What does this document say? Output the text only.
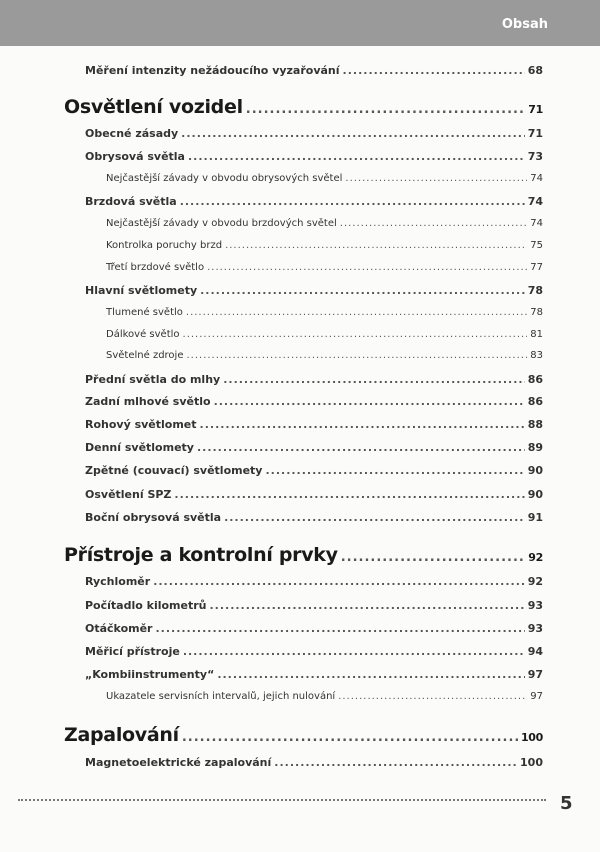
Obsah
Měření intenzity nežádoucího vyzařování .....	68
Osvětlení vozidel .....	71
Obecné zásady .....	71
Obrysová světla .....	73
Nejčastější závady v obvodu obrysových světel .....	74
Brzdová světla .....	74
Nejčastější závady v obvodu brzdových světel .....	74
Kontrolka poruchy brzd .....	75
Třetí brzdové světlo .....	77
Hlavní světlomety .....	78
Tlumené světlo .....	78
Dálkové světlo .....	81
Světelné zdroje .....	83
Přední světla do mlhy .....	86
Zadní mlhové světlo .....	86
Rohový světlomet .....	88
Denní světlomety .....	89
Zpětné (couvací) světlomety .....	90
Osvětlení SPZ .....	90
Boční obrysová světla .....	91
Přístroje a kontrolní prvky .....	92
Rychloměr .....	92
Počítadlo kilometrů .....	93
Otáčkoměr .....	93
Měřicí přístroje .....	94
„Kombiinstrumenty“ .....	97
Ukazatele servisních intervalů, jejich nulování .....	97
Zapalování .....	100
Magnetoelektrické zapalování .....	100
5
